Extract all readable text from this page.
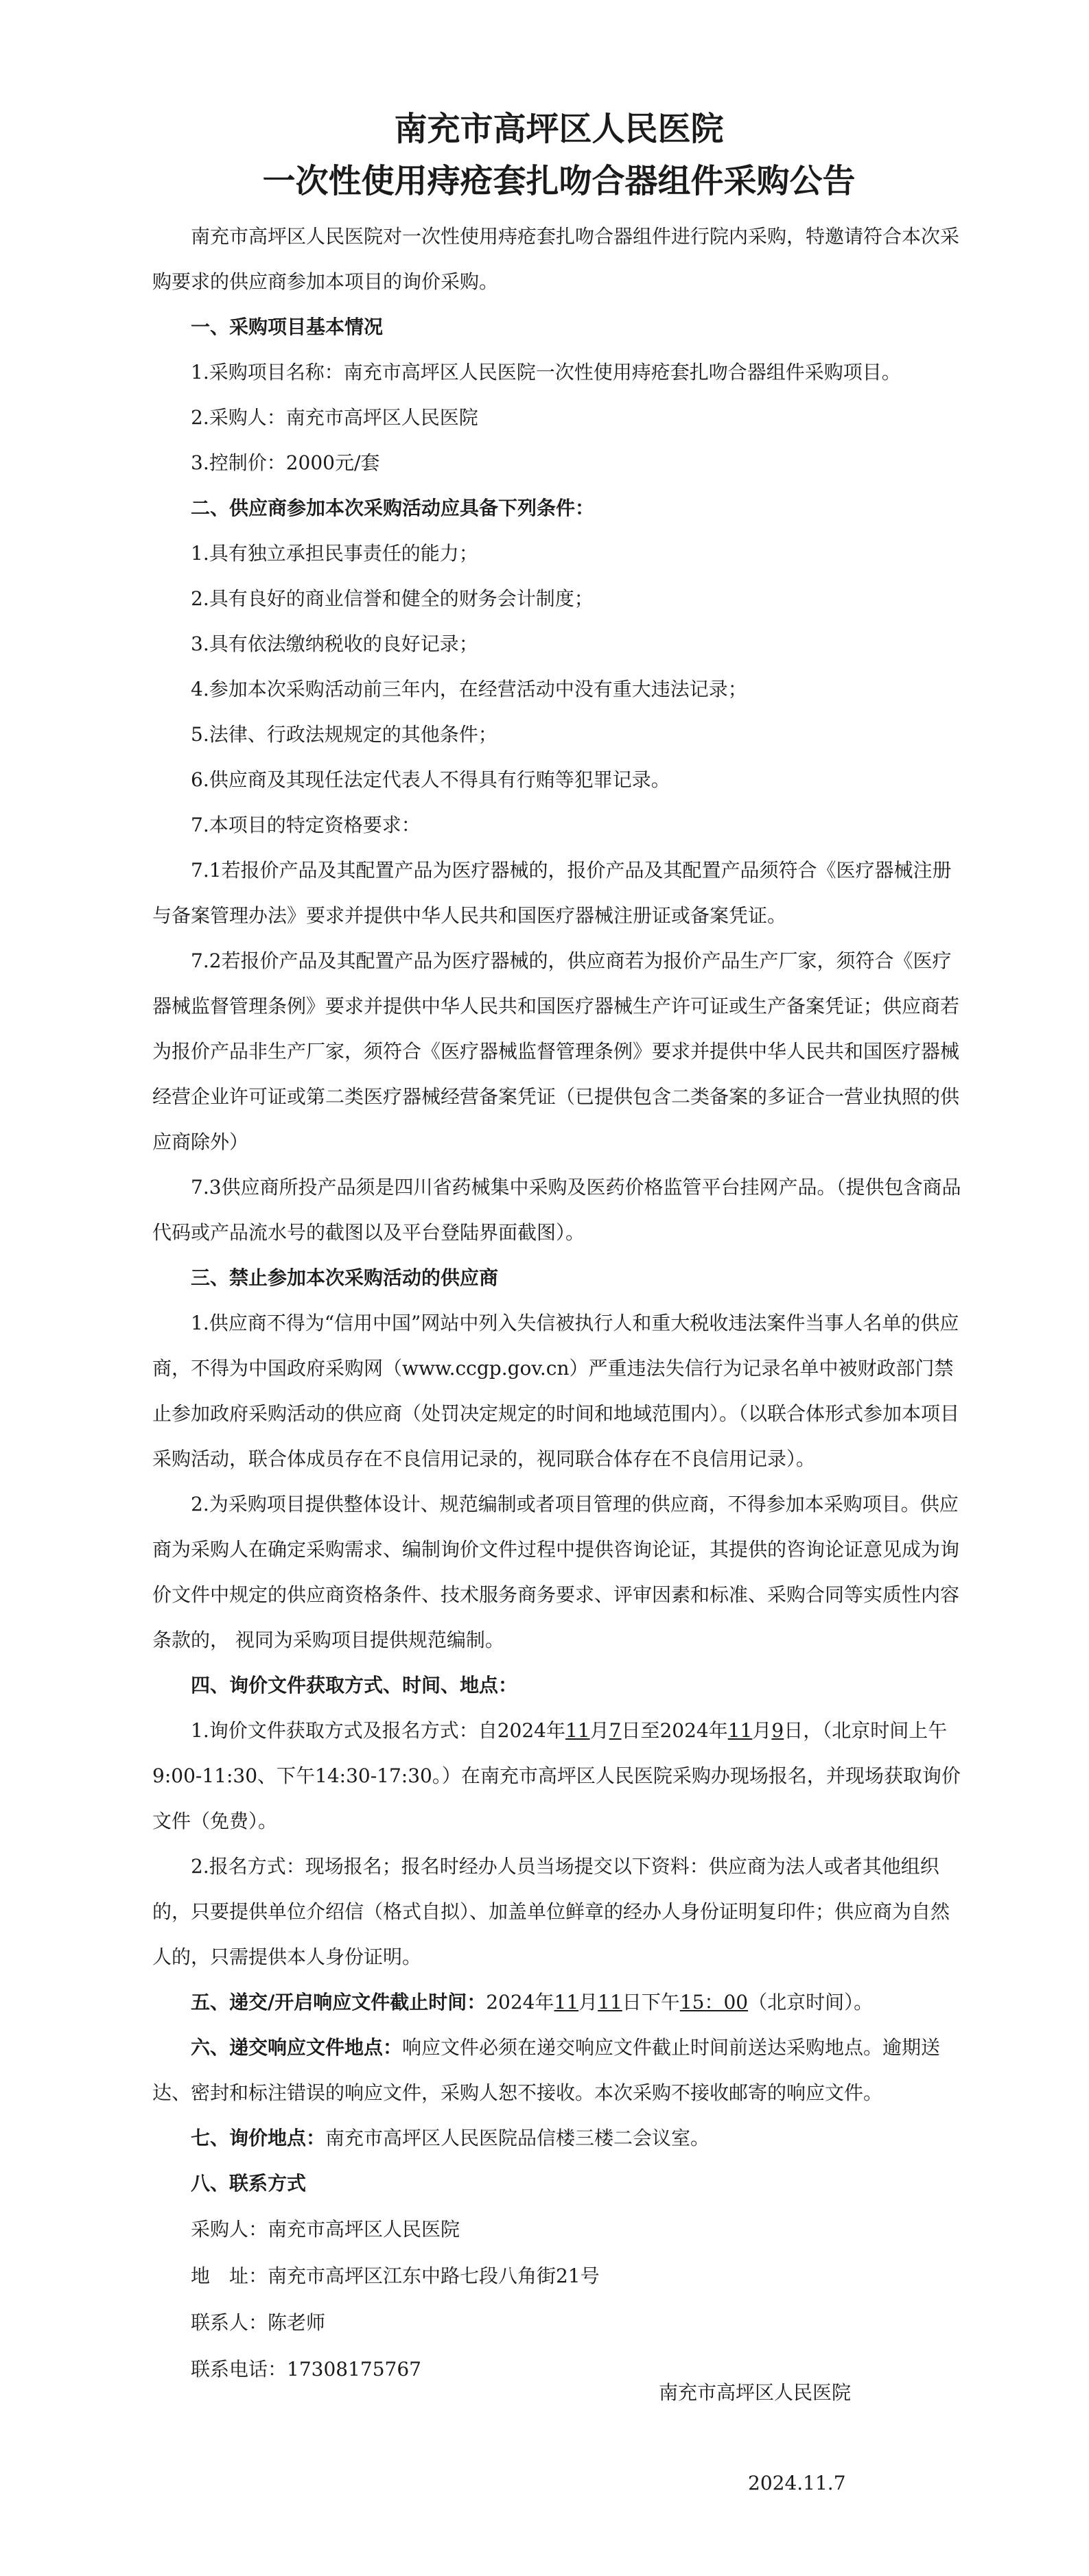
南充市高坪区人民医院
一次性使用痔疮套扎吻合器组件采购公告

南充市高坪区人民医院对一次性使用痔疮套扎吻合器组件进行院内采购，特邀请符合本次采购要求的供应商参加本项目的询价采购。

一、采购项目基本情况

1.采购项目名称：南充市高坪区人民医院一次性使用痔疮套扎吻合器组件采购项目。

2.采购人：南充市高坪区人民医院

3.控制价：2000元/套

二、供应商参加本次采购活动应具备下列条件：

1.具有独立承担民事责任的能力；

2.具有良好的商业信誉和健全的财务会计制度；

3.具有依法缴纳税收的良好记录；

4.参加本次采购活动前三年内，在经营活动中没有重大违法记录；

5.法律、行政法规规定的其他条件；

6.供应商及其现任法定代表人不得具有行贿等犯罪记录。

7.本项目的特定资格要求：

7.1若报价产品及其配置产品为医疗器械的，报价产品及其配置产品须符合《医疗器械注册与备案管理办法》要求并提供中华人民共和国医疗器械注册证或备案凭证。

7.2若报价产品及其配置产品为医疗器械的，供应商若为报价产品生产厂家，须符合《医疗器械监督管理条例》要求并提供中华人民共和国医疗器械生产许可证或生产备案凭证；供应商若为报价产品非生产厂家，须符合《医疗器械监督管理条例》要求并提供中华人民共和国医疗器械经营企业许可证或第二类医疗器械经营备案凭证（已提供包含二类备案的多证合一营业执照的供应商除外）

7.3供应商所投产品须是四川省药械集中采购及医药价格监管平台挂网产品。（提供包含商品代码或产品流水号的截图以及平台登陆界面截图）。

三、禁止参加本次采购活动的供应商

1.供应商不得为“信用中国”网站中列入失信被执行人和重大税收违法案件当事人名单的供应商，不得为中国政府采购网（www.ccgp.gov.cn）严重违法失信行为记录名单中被财政部门禁止参加政府采购活动的供应商（处罚决定规定的时间和地域范围内）。（以联合体形式参加本项目采购活动，联合体成员存在不良信用记录的，视同联合体存在不良信用记录）。

2.为采购项目提供整体设计、规范编制或者项目管理的供应商，不得参加本采购项目。供应商为采购人在确定采购需求、编制询价文件过程中提供咨询论证，其提供的咨询论证意见成为询价文件中规定的供应商资格条件、技术服务商务要求、评审因素和标准、采购合同等实质性内容条款的， 视同为采购项目提供规范编制。

四、询价文件获取方式、时间、地点：

1.询价文件获取方式及报名方式：自2024年11月7日至2024年11月9日，（北京时间上午9:00-11:30、下午14:30-17:30。）在南充市高坪区人民医院采购办现场报名，并现场获取询价文件（免费）。

2.报名方式：现场报名；报名时经办人员当场提交以下资料：供应商为法人或者其他组织的，只要提供单位介绍信（格式自拟）、加盖单位鲜章的经办人身份证明复印件；供应商为自然人的，只需提供本人身份证明。

五、递交/开启响应文件截止时间：2024年11月11日下午15：00（北京时间）。

六、递交响应文件地点：响应文件必须在递交响应文件截止时间前送达采购地点。逾期送达、密封和标注错误的响应文件，采购人恕不接收。本次采购不接收邮寄的响应文件。

七、询价地点：南充市高坪区人民医院品信楼三楼二会议室。

八、联系方式

采购人：南充市高坪区人民医院

地　址：南充市高坪区江东中路七段八角街21号

联系人：陈老师

联系电话：17308175767

南充市高坪区人民医院
2024.11.7
